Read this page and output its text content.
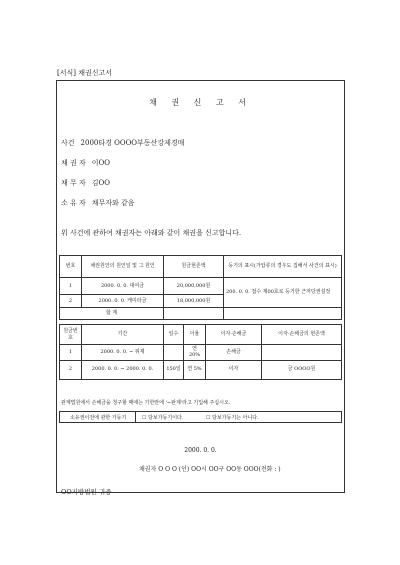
[서식] 채권신고서
채 권 신 고 서
사건 2000타경 OOOO부동산강제경매
채 권 자 이OO
채 무 자 김OO
소 유 자 채무자와 같음
위 사건에 관하여 채권자는 아래와 같이 채권을 신고합니다.
번호	채권원인의 원인일 및 그 원인	원금현존액	등기의 표시(가압류의 경우도 집해서 사건의 표시)
1	2000. 0. 0. 대여금	20,000,000원	200. 0. 0. 접수 제00호로 등기한 근저당권설정
2	2000. 0. 0. 케미라금	18,000,000원	
합 계			
원금번호	기간	일수	이율	이자·손해금	이자·손해금의 현존액
1	2000. 0. 0. ~ 위제		연 20%	손해금	
2	2000. 0. 0. ~ 2000. 0. 0.	150일	연 5%	이자	금 OOOO원
관계법원에서 손해금을 청구할 때에는 기한란에 '~완제'라고 기입해 주십시오.
소유권이전에 관한 가등기	☐ 담보가등기이다.	☐ 담보가등기는 아니다.
2000. 0. 0.
채권자 O O O (인) OO시 OO구 OO동 OOO(전화 : )
OO지방법원 귀중
